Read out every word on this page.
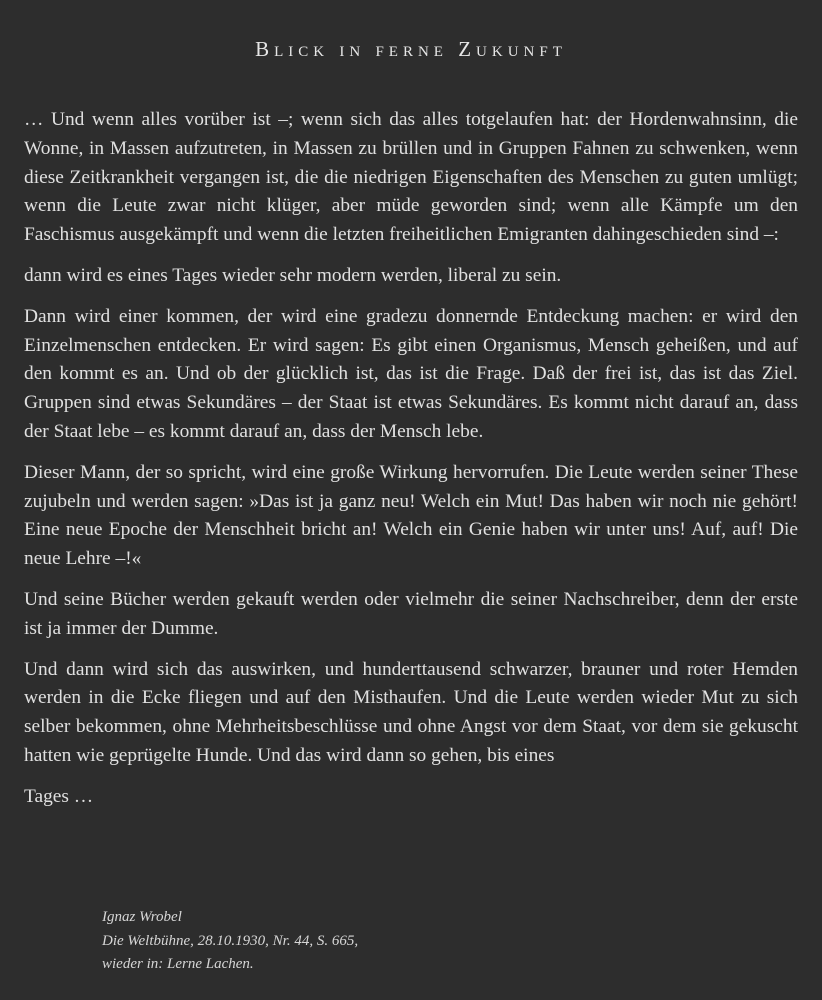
Blick in ferne Zukunft

… Und wenn alles vorüber ist –; wenn sich das alles totgelaufen hat: der Hordenwahnsinn, die Wonne, in Massen aufzutreten, in Massen zu brüllen und in Gruppen Fahnen zu schwenken, wenn diese Zeitkrankheit vergangen ist, die die niedrigen Eigenschaften des Menschen zu guten umlügt; wenn die Leute zwar nicht klüger, aber müde geworden sind; wenn alle Kämpfe um den Faschismus ausgekämpft und wenn die letzten freiheitlichen Emigranten dahingeschieden sind –:

dann wird es eines Tages wieder sehr modern werden, liberal zu sein.

Dann wird einer kommen, der wird eine gradezu donnernde Entdeckung machen: er wird den Einzelmenschen entdecken. Er wird sagen: Es gibt einen Organismus, Mensch geheißen, und auf den kommt es an. Und ob der glücklich ist, das ist die Frage. Daß der frei ist, das ist das Ziel. Gruppen sind etwas Sekundäres – der Staat ist etwas Sekundäres. Es kommt nicht darauf an, dass der Staat lebe – es kommt darauf an, dass der Mensch lebe.

Dieser Mann, der so spricht, wird eine große Wirkung hervorrufen. Die Leute werden seiner These zujubeln und werden sagen: »Das ist ja ganz neu! Welch ein Mut! Das haben wir noch nie gehört! Eine neue Epoche der Menschheit bricht an! Welch ein Genie haben wir unter uns! Auf, auf! Die neue Lehre –!«

Und seine Bücher werden gekauft werden oder vielmehr die seiner Nachschreiber, denn der erste ist ja immer der Dumme.

Und dann wird sich das auswirken, und hunderttausend schwarzer, brauner und roter Hemden werden in die Ecke fliegen und auf den Misthaufen. Und die Leute werden wieder Mut zu sich selber bekommen, ohne Mehrheitsbeschlüsse und ohne Angst vor dem Staat, vor dem sie gekuscht hatten wie geprügelte Hunde. Und das wird dann so gehen, bis eines

Tages …

Ignaz Wrobel
Die Weltbühne, 28.10.1930, Nr. 44, S. 665,
wieder in: Lerne Lachen.
